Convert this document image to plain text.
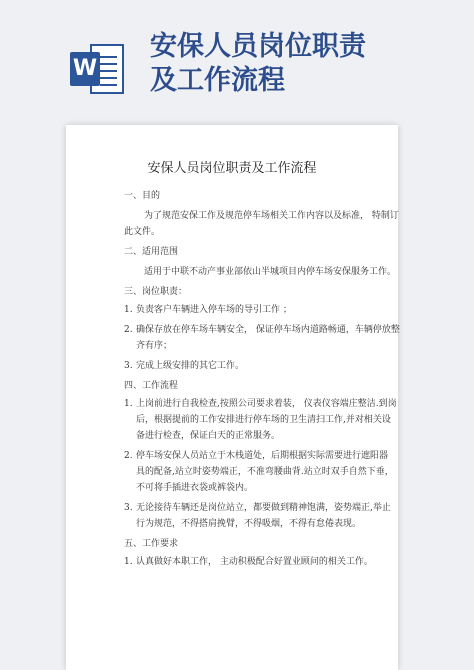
W
安保人员岗位职责
及工作流程
安保人员岗位职责及工作流程
一、目的
为了规范安保工作及规范停车场相关工作内容以及标准， 特制订
此文件。
二、适用范围
适用于中联不动产事业部依山半城项目内停车场安保服务工作。
三、岗位职责：
1. 负责客户车辆进入停车场的导引工作 ；
2. 确保存放在停车场车辆安全， 保证停车场内道路畅通，车辆停放整
齐有序；
3. 完成上级安排的其它工作。
四、工作流程
1. 上岗前进行自我检查,按照公司要求着装， 仪表仪容端庄整洁.到岗
后，根据提前的工作安排进行停车场的卫生清扫工作,并对相关设
备进行检查，保证白天的正常服务。
2. 停车场安保人员站立于木栈道处，后期根据实际需要进行遮阳器
具的配备,站立时姿势端正，不准弯腰曲背.站立时双手自然下垂，
不可将手插进衣袋或裤袋内。
3. 无论接待车辆还是岗位站立，都要做到精神饱满，姿势端正,举止
行为规范，不得搭肩挽臂，不得吸烟，不得有怠倦表现。
五、工作要求
1. 认真做好本职工作， 主动积极配合好置业顾问的相关工作。
